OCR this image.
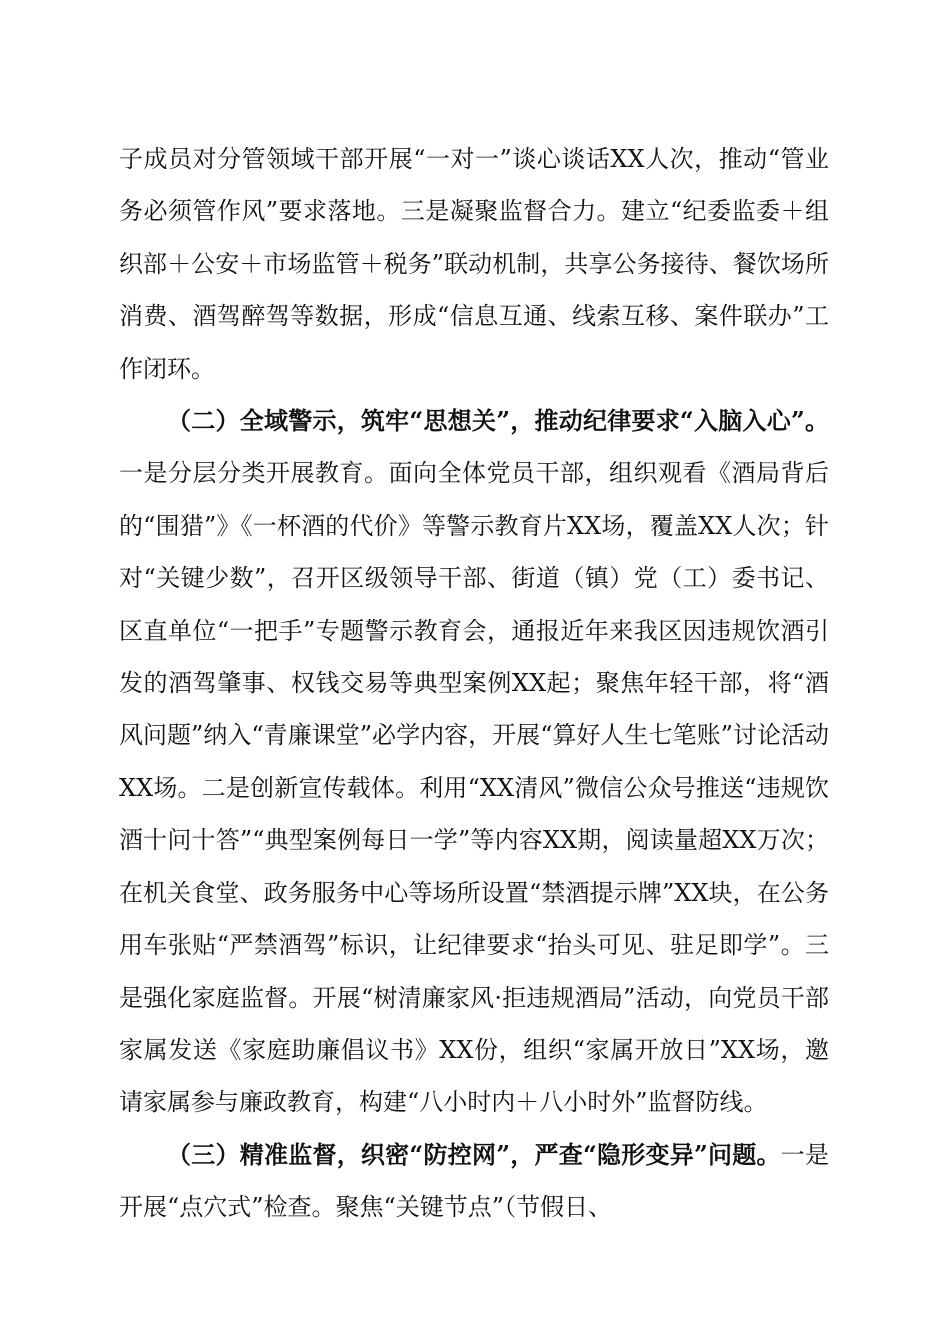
子成员对分管领域干部开展“一对一”谈心谈话XX人次，推动“管业务必须管作风”要求落地。三是凝聚监督合力。建立“纪委监委＋组织部＋公安＋市场监管＋税务”联动机制，共享公务接待、餐饮场所消费、酒驾醉驾等数据，形成“信息互通、线索互移、案件联办”工作闭环。

（二）全域警示，筑牢“思想关”，推动纪律要求“入脑入心”。一是分层分类开展教育。面向全体党员干部，组织观看《酒局背后的“围猎”》《一杯酒的代价》等警示教育片XX场，覆盖XX人次；针对“关键少数”，召开区级领导干部、街道（镇）党（工）委书记、区直单位“一把手”专题警示教育会，通报近年来我区因违规饮酒引发的酒驾肇事、权钱交易等典型案例XX起；聚焦年轻干部，将“酒风问题”纳入“青廉课堂”必学内容，开展“算好人生七笔账”讨论活动XX场。二是创新宣传载体。利用“XX清风”微信公众号推送“违规饮酒十问十答”“典型案例每日一学”等内容XX期，阅读量超XX万次；在机关食堂、政务服务中心等场所设置“禁酒提示牌”XX块，在公务用车张贴“严禁酒驾”标识，让纪律要求“抬头可见、驻足即学”。三是强化家庭监督。开展“树清廉家风·拒违规酒局”活动，向党员干部家属发送《家庭助廉倡议书》XX份，组织“家属开放日”XX场，邀请家属参与廉政教育，构建“八小时内＋八小时外”监督防线。

（三）精准监督，织密“防控网”，严查“隐形变异”问题。一是开展“点穴式”检查。聚焦“关键节点”（节假日、
